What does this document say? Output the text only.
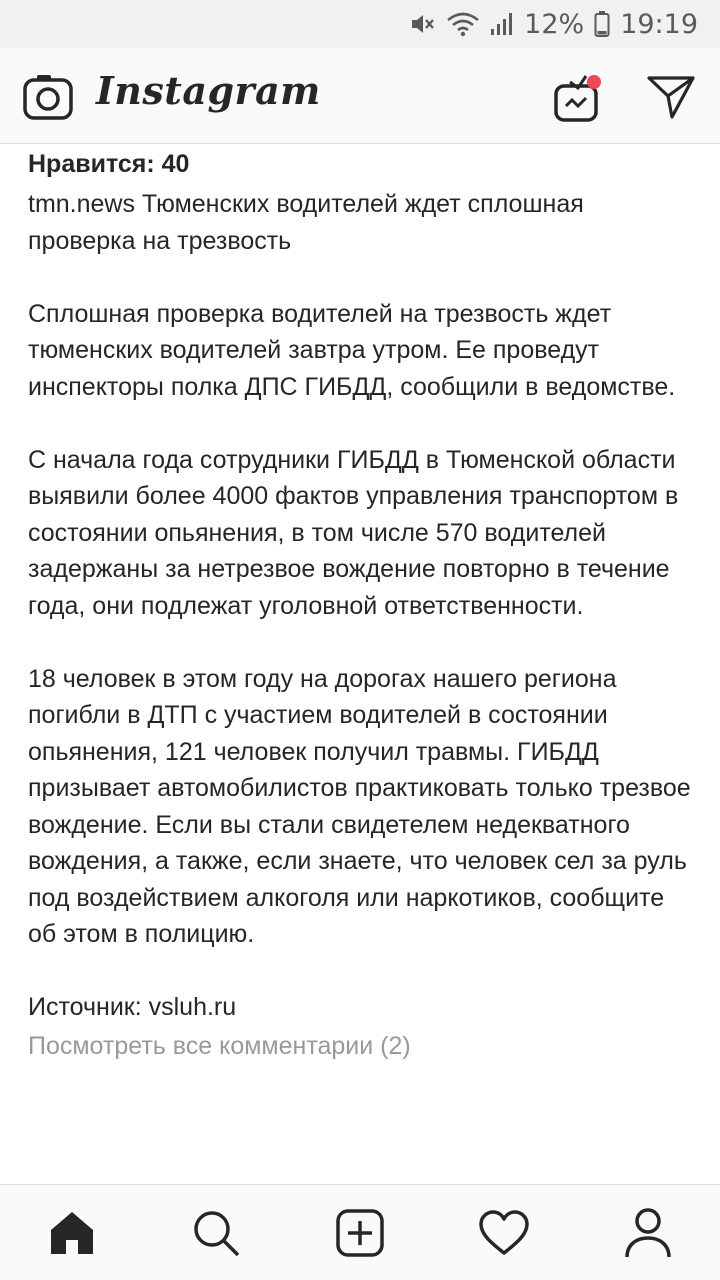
12% 19:19
Instagram
Нравится: 40
tmn.news Тюменских водителей ждет сплошная проверка на трезвость
Сплошная проверка водителей на трезвость ждет тюменских водителей завтра утром. Ее проведут инспекторы полка ДПС ГИБДД, сообщили в ведомстве.
С начала года сотрудники ГИБДД в Тюменской области выявили более 4000 фактов управления транспортом в состоянии опьянения, в том числе 570 водителей задержаны за нетрезвое вождение повторно в течение года, они подлежат уголовной ответственности.
18 человек в этом году на дорогах нашего региона погибли в ДТП с участием водителей в состоянии опьянения, 121 человек получил травмы. ГИБДД призывает автомобилистов практиковать только трезвое вождение. Если вы стали свидетелем недекватного вождения, а также, если знаете, что человек сел за руль под воздействием алкоголя или наркотиков, сообщите об этом в полицию.
Источник: vsluh.ru
Посмотреть все комментарии (2)
